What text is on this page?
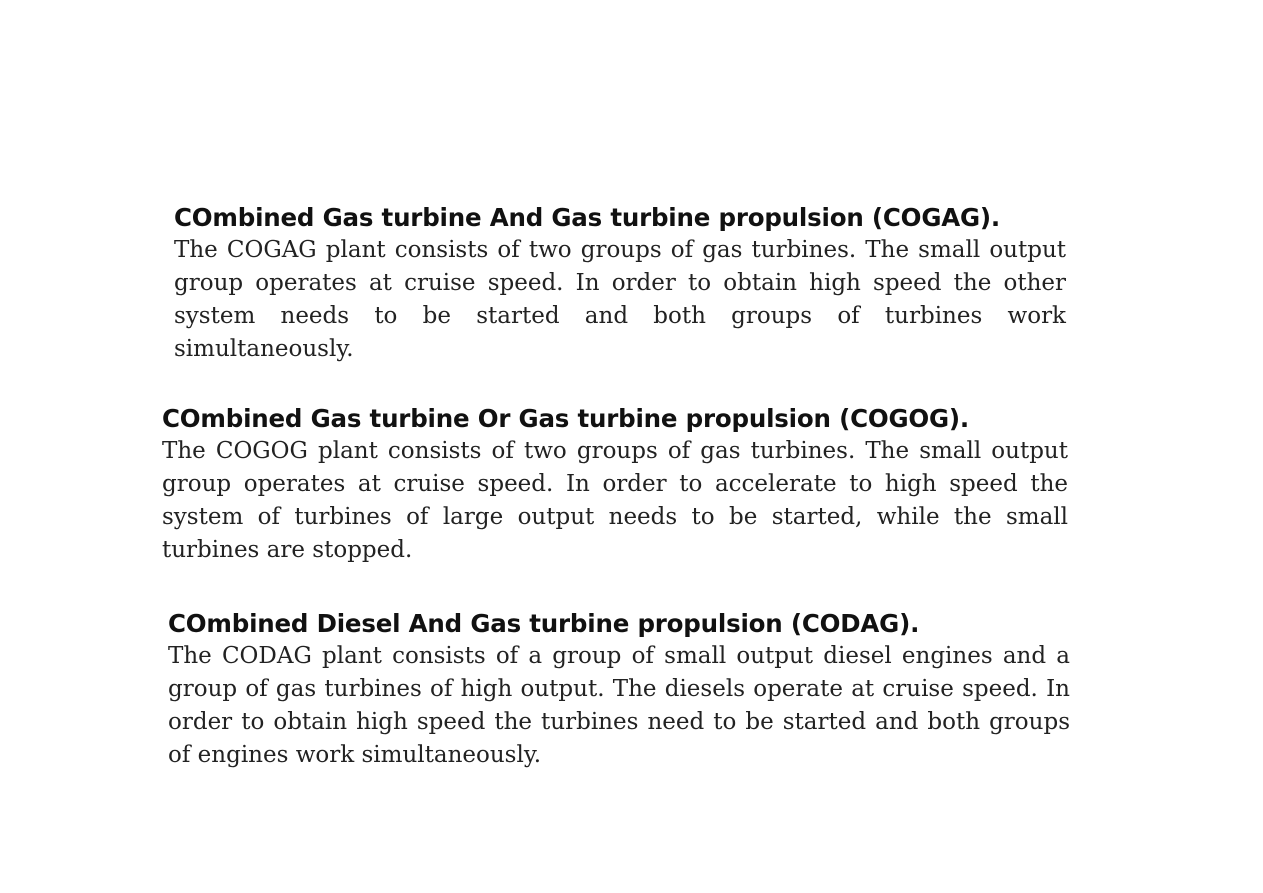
COmbined Gas turbine And Gas turbine propulsion (COGAG).

The COGAG plant consists of two groups of gas turbines. The small output group operates at cruise speed. In order to obtain high speed the other system needs to be started and both groups of turbines work simultaneously.

COmbined Gas turbine Or Gas turbine propulsion (COGOG).

The COGOG plant consists of two groups of gas turbines. The small output group operates at cruise speed. In order to accelerate to high speed the system of turbines of large output needs to be started, while the small turbines are stopped.

COmbined Diesel And Gas turbine propulsion (CODAG).

The CODAG plant consists of a group of small output diesel engines and a group of gas turbines of high output. The diesels operate at cruise speed. In order to obtain high speed the turbines need to be started and both groups of engines work simultaneously.
